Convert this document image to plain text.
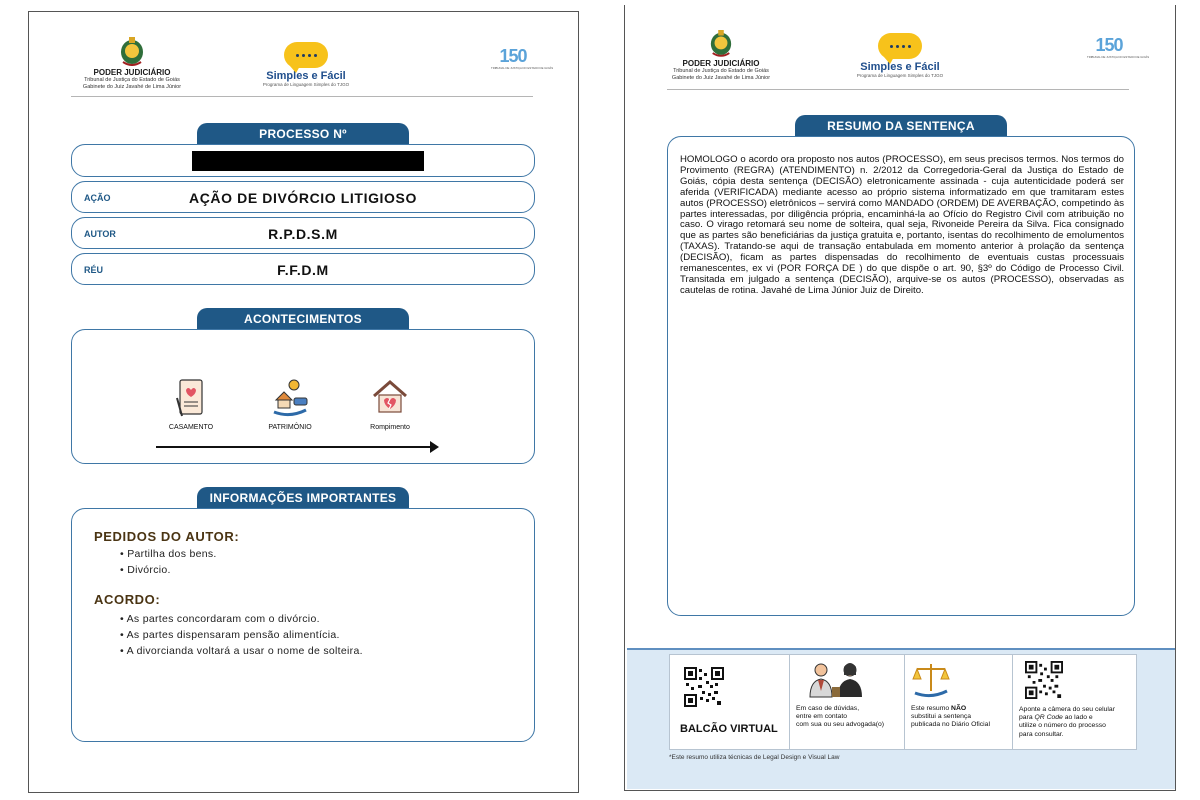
PODER JUDICIÁRIO
Tribunal de Justiça do Estado de Goiás
Gabinete do Juiz Javahé de Lima Júnior
Simples e Fácil
Programa de Linguagem Simples do TJGO
150
TRIBUNAL DE JUSTIÇA DO ESTADO DE GOIÁS
PROCESSO Nº
AÇÃO	AÇÃO DE DIVÓRCIO LITIGIOSO
AUTOR	R.P.D.S.M
RÉU	F.F.D.M
ACONTECIMENTOS
CASAMENTO	PATRIMÔNIO	Rompimento
INFORMAÇÕES IMPORTANTES
PEDIDOS DO AUTOR:
• Partilha dos bens.
• Divórcio.
ACORDO:
• As partes concordaram com o divórcio.
• As partes dispensaram pensão alimentícia.
• A divorcianda voltará a usar o nome de solteira.
PODER JUDICIÁRIO
Tribunal de Justiça do Estado de Goiás
Gabinete do Juiz Javahé de Lima Júnior
Simples e Fácil
Programa de Linguagem Simples do TJGO
150
TRIBUNAL DE JUSTIÇA DO ESTADO DE GOIÁS
RESUMO DA SENTENÇA

HOMOLOGO o acordo ora proposto nos autos (PROCESSO), em seus precisos termos. Nos termos do Provimento (REGRA) (ATENDIMENTO) n. 2/2012 da Corregedoria-Geral da Justiça do Estado de Goiás, cópia desta sentença (DECISÃO) eletronicamente assinada - cuja autenticidade poderá ser aferida (VERIFICADA) mediante acesso ao próprio sistema informatizado em que tramitaram estes autos (PROCESSO) eletrônicos – servirá como MANDADO (ORDEM) DE AVERBAÇÃO, competindo às partes interessadas, por diligência própria, encaminhá-la ao Ofício do Registro Civil com atribuição no caso. O virago retomará seu nome de solteira, qual seja, Rivoneide Pereira da Silva. Fica consignado que as partes são beneficiárias da justiça gratuita e, portanto, isentas do recolhimento de emolumentos (TAXAS). Tratando-se aqui de transação entabulada em momento anterior à prolação da sentença (DECISÃO), ficam as partes dispensadas do recolhimento de eventuais custas processuais remanescentes, ex vi (POR FORÇA DE ) do que dispõe o art. 90, §3º do Código de Processo Civil. Transitada em julgado a sentença (DECISÃO), arquive-se os autos (PROCESSO), observadas as cautelas de rotina. Javahé de Lima Júnior Juiz de Direito.

BALCÃO VIRTUAL
Em caso de dúvidas,
entre em contato
com sua ou seu advogada(o)
Este resumo NÃO
substitui a sentença
publicada no Diário Oficial
Aponte a câmera do seu celular
para QR Code ao lado e
utilize o número do processo
para consultar.
*Este resumo utiliza técnicas de Legal Design e Visual Law
